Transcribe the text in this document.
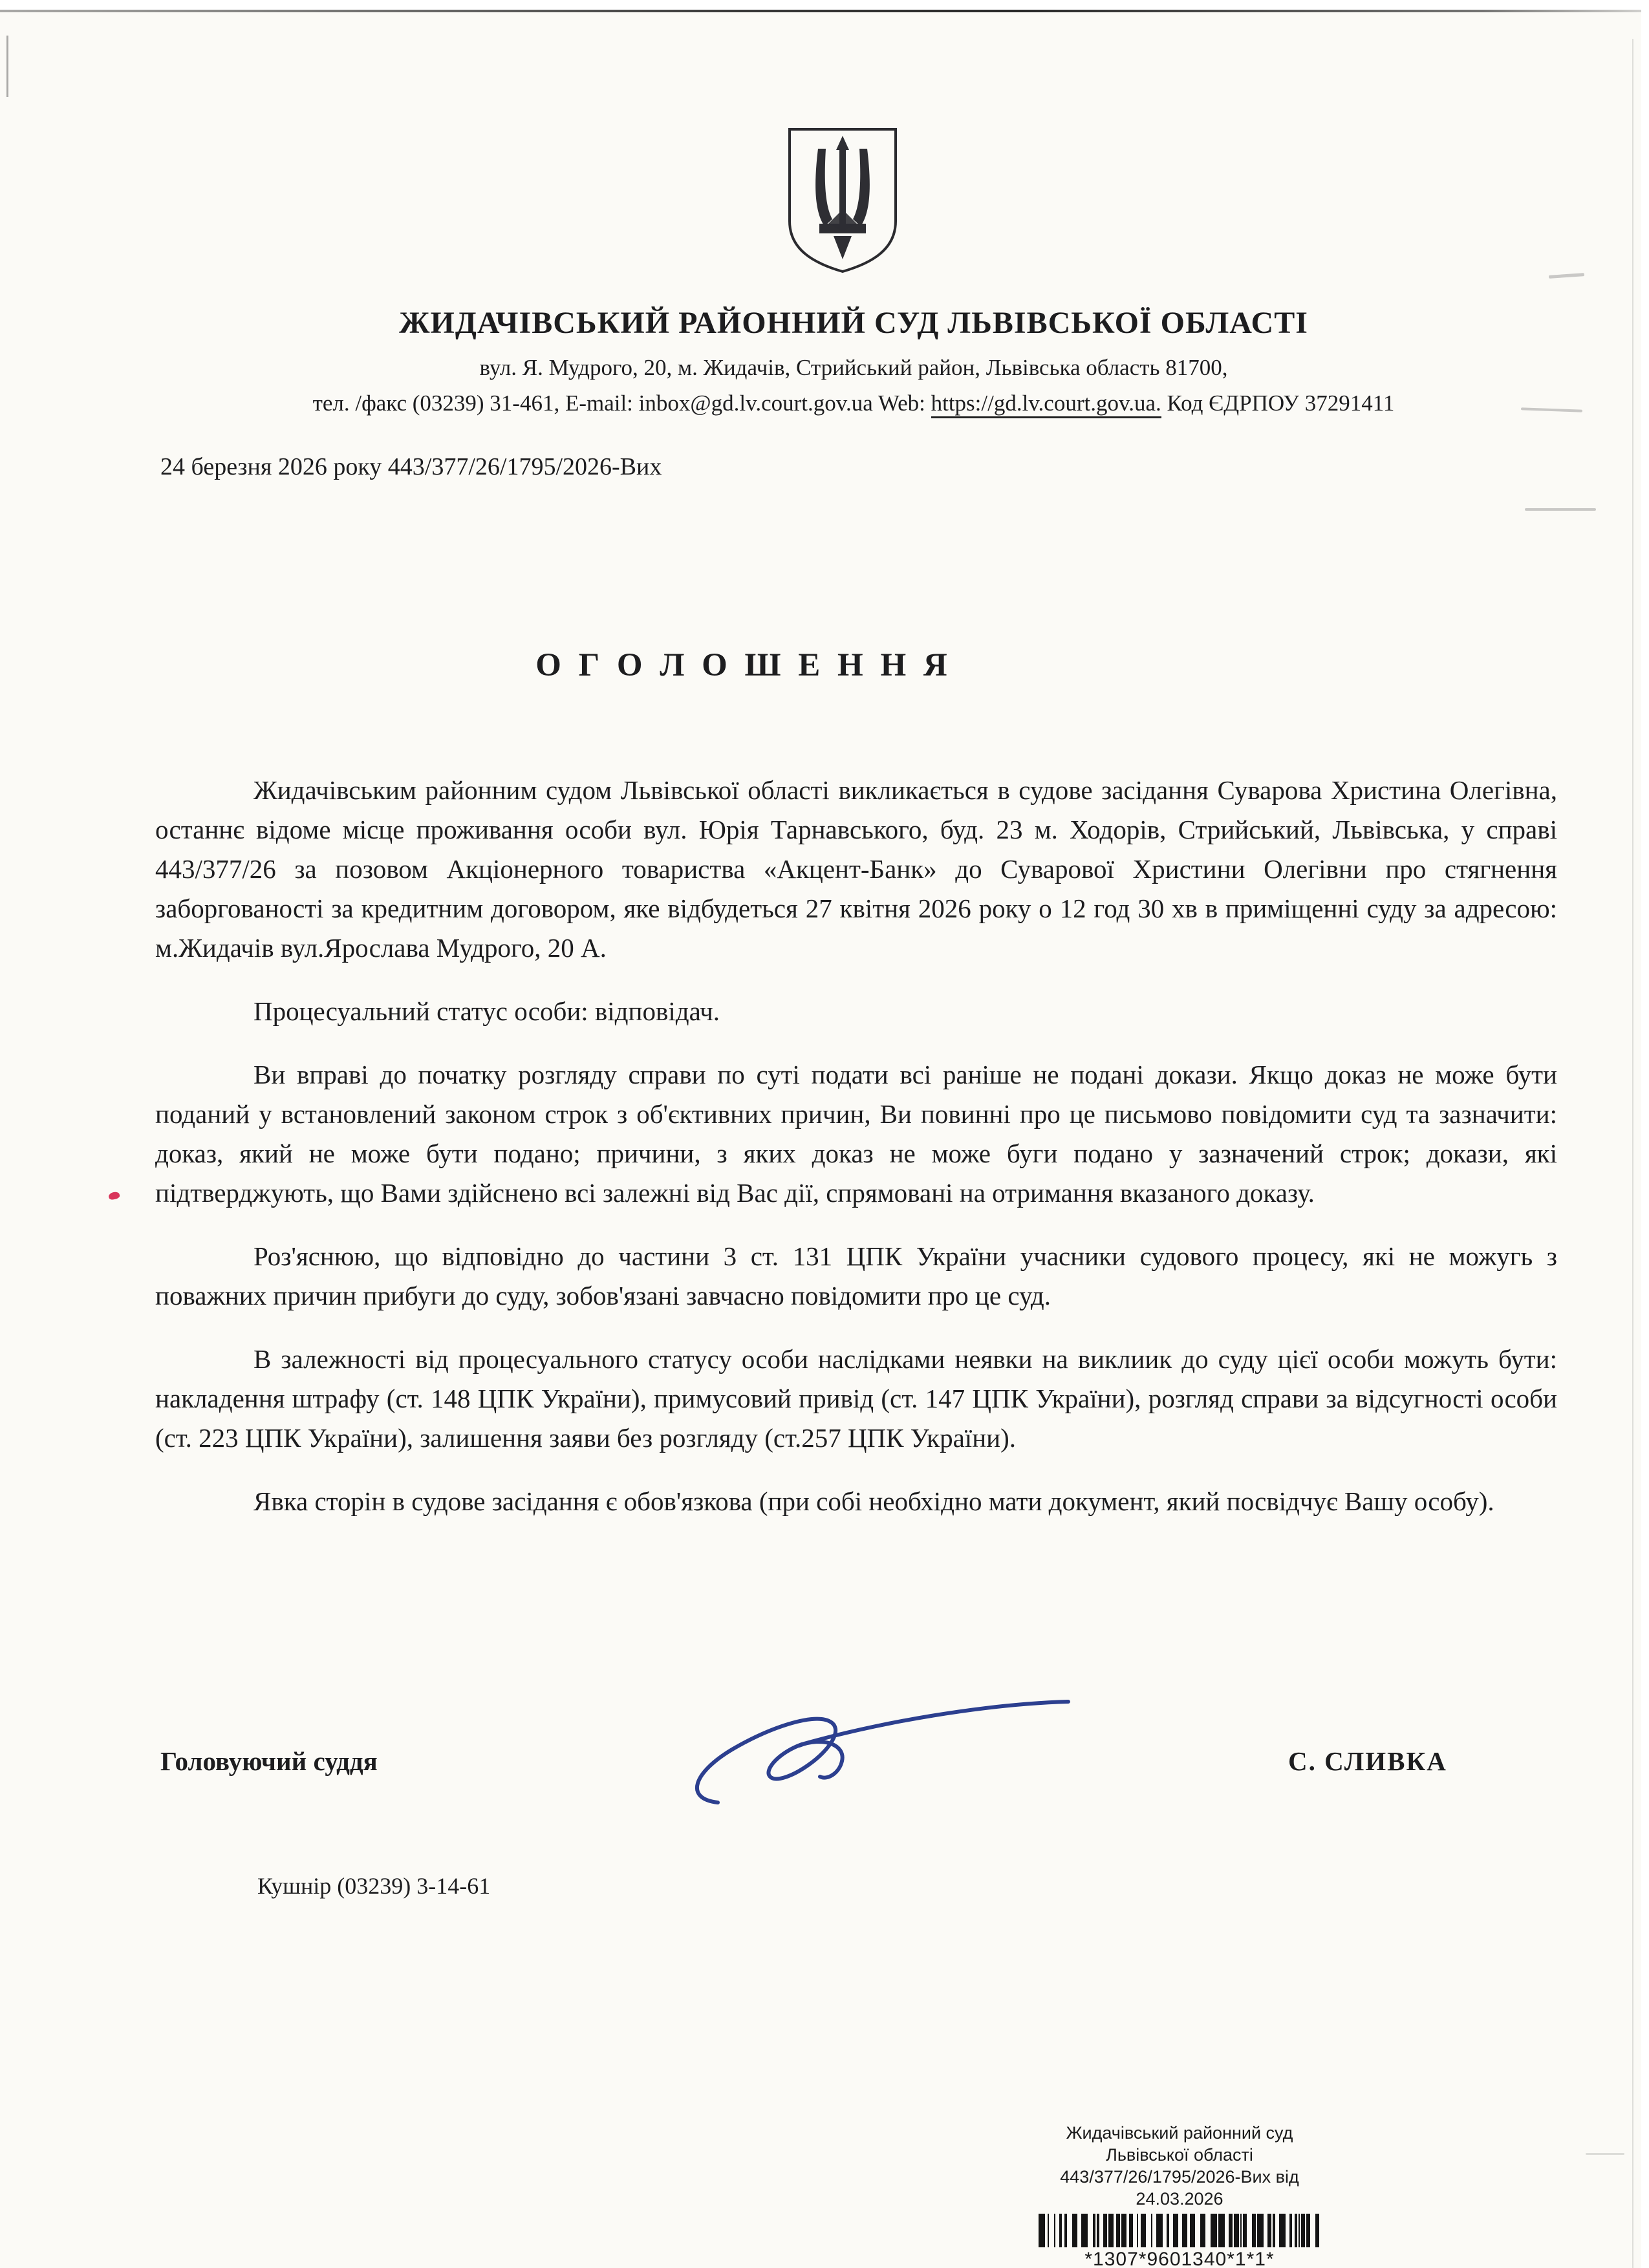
ЖИДАЧІВСЬКИЙ РАЙОННИЙ СУД ЛЬВІВСЬКОЇ ОБЛАСТІ
вул. Я. Мудрого, 20, м. Жидачів, Стрийський район, Львівська область 81700,
тел. /факс (03239) 31-461, E-mail: inbox@gd.lv.court.gov.ua Web: https://gd.lv.court.gov.ua. Код ЄДРПОУ 37291411
24 березня 2026 року 443/377/26/1795/2026-Вих
О Г О Л О Ш Е Н Н Я

Жидачівським районним судом Львівської області викликається в судове засідання Суварова Христина Олегівна, останнє відоме місце проживання особи вул. Юрія Тарнавського, буд. 23 м. Ходорів, Стрийський, Львівська, у справі 443/377/26 за позовом Акціонерного товариства «Акцент-Банк» до Суварової Христини Олегівни про стягнення заборгованості за кредитним договором, яке відбудеться 27 квітня 2026 року о 12 год 30 хв в приміщенні суду за адресою: м.Жидачів вул.Ярослава Мудрого, 20 А.

Процесуальний статус особи: відповідач.

Ви вправі до початку розгляду справи по суті подати всі раніше не подані докази. Якщо доказ не може бути поданий у встановлений законом строк з об'єктивних причин, Ви повинні про це письмово повідомити суд та зазначити: доказ, який не може бути подано; причини, з яких доказ не може буги подано у зазначений строк; докази, які підтверджують, що Вами здійснено всі залежні від Вас дії, спрямовані на отримання вказаного доказу.

Роз'яснюю, що відповідно до частини 3 ст. 131 ЦПК України учасники судового процесу, які не можугь з поважних причин прибуги до суду, зобов'язані завчасно повідомити про це суд.

В залежності від процесуального статусу особи наслідками неявки на виклиик до суду цієї особи можуть бути: накладення штрафу (ст. 148 ЦПК України), примусовий привід (ст. 147 ЦПК України), розгляд справи за відсугності особи (ст. 223 ЦПК України), залишення заяви без розгляду (ст.257 ЦПК України).

Явка сторін в судове засідання є обов'язкова (при собі необхідно мати документ, який посвідчує Вашу особу).

Головуючий суддя	С. СЛИВКА
Кушнір (03239) 3-14-61
Жидачівський районний суд
Львівської області
443/377/26/1795/2026-Вих від 24.03.2026
*1307*9601340*1*1*
